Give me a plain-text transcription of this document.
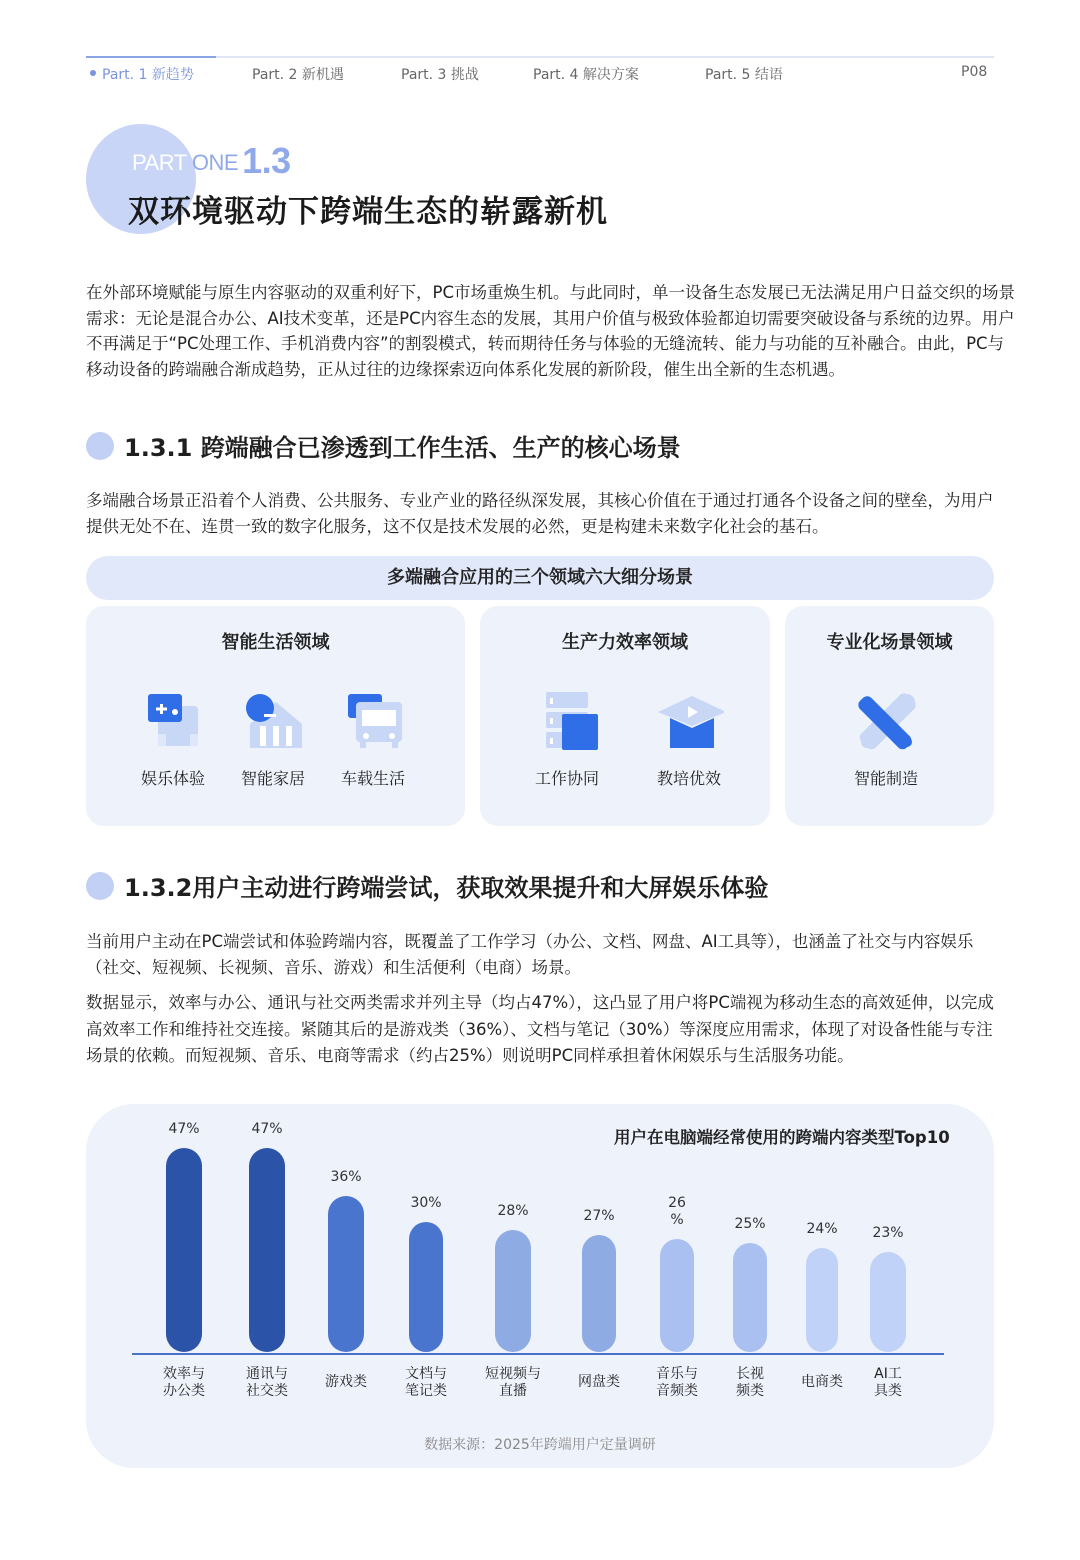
Part. 1 新趋势	Part. 2 新机遇	Part. 3 挑战	Part. 4 解决方案	Part. 5 结语	P08
PART ONE 1.3
双环境驱动下跨端生态的崭露新机

在外部环境赋能与原生内容驱动的双重利好下，PC市场重焕生机。与此同时，单一设备生态发展已无法满足用户日益交织的场景需求：无论是混合办公、AI技术变革，还是PC内容生态的发展，其用户价值与极致体验都迫切需要突破设备与系统的边界。用户不再满足于“PC处理工作、手机消费内容”的割裂模式，转而期待任务与体验的无缝流转、能力与功能的互补融合。由此，PC与移动设备的跨端融合渐成趋势，正从过往的边缘探索迈向体系化发展的新阶段，催生出全新的生态机遇。

1.3.1 跨端融合已渗透到工作生活、生产的核心场景

多端融合场景正沿着个人消费、公共服务、专业产业的路径纵深发展，其核心价值在于通过打通各个设备之间的壁垒，为用户提供无处不在、连贯一致的数字化服务，这不仅是技术发展的必然，更是构建未来数字化社会的基石。

多端融合应用的三个领域六大细分场景
智能生活领域
娱乐体验	智能家居	车载生活
生产力效率领域
工作协同	教培优效
专业化场景领域
智能制造
1.3.2用户主动进行跨端尝试，获取效果提升和大屏娱乐体验

当前用户主动在PC端尝试和体验跨端内容，既覆盖了工作学习（办公、文档、网盘、AI工具等），也涵盖了社交与内容娱乐（社交、短视频、长视频、音乐、游戏）和生活便利（电商）场景。

数据显示，效率与办公、通讯与社交两类需求并列主导（均占47%），这凸显了用户将PC端视为移动生态的高效延伸，以完成高效率工作和维持社交连接。紧随其后的是游戏类（36%）、文档与笔记（30%）等深度应用需求，体现了对设备性能与专注场景的依赖。而短视频、音乐、电商等需求（约占25%）则说明PC同样承担着休闲娱乐与生活服务功能。

用户在电脑端经常使用的跨端内容类型Top10
47%
效率与
办公类
47%
通讯与
社交类
36%
游戏类
30%
文档与
笔记类
28%
短视频与
直播
27%
网盘类
26
%
音乐与
音频类
25%
长视
频类
24%
电商类
23%
AI工
具类
数据来源：2025年跨端用户定量调研
